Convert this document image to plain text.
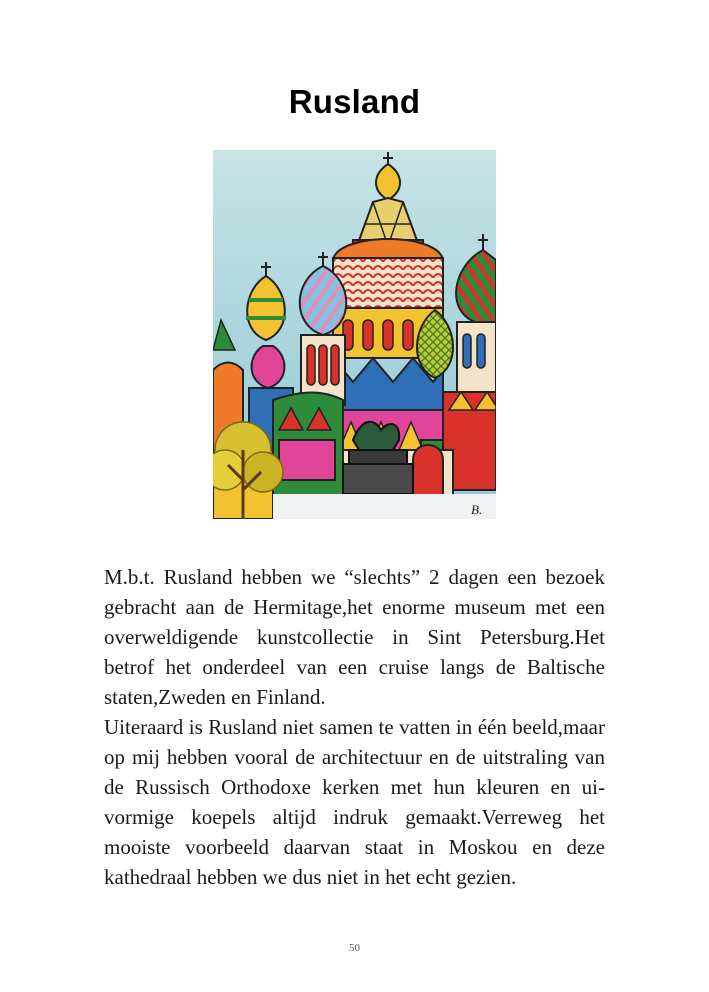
Rusland
B.

M.b.t. Rusland hebben we “slechts” 2 dagen een bezoek gebracht aan de Hermitage,het enorme museum met een overweldigende kunstcollectie in Sint Petersburg.Het betrof het onderdeel van een cruise langs de Baltische staten,Zweden en Finland.

Uiteraard is Rusland niet samen te vatten in één beeld,maar op mij hebben vooral de architectuur en de uitstraling van de Russisch Orthodoxe kerken met hun kleuren en ui-vormige koepels altijd indruk gemaakt.Verreweg het mooiste voorbeeld daarvan staat in Moskou en deze kathedraal hebben we dus niet in het echt gezien.

50
